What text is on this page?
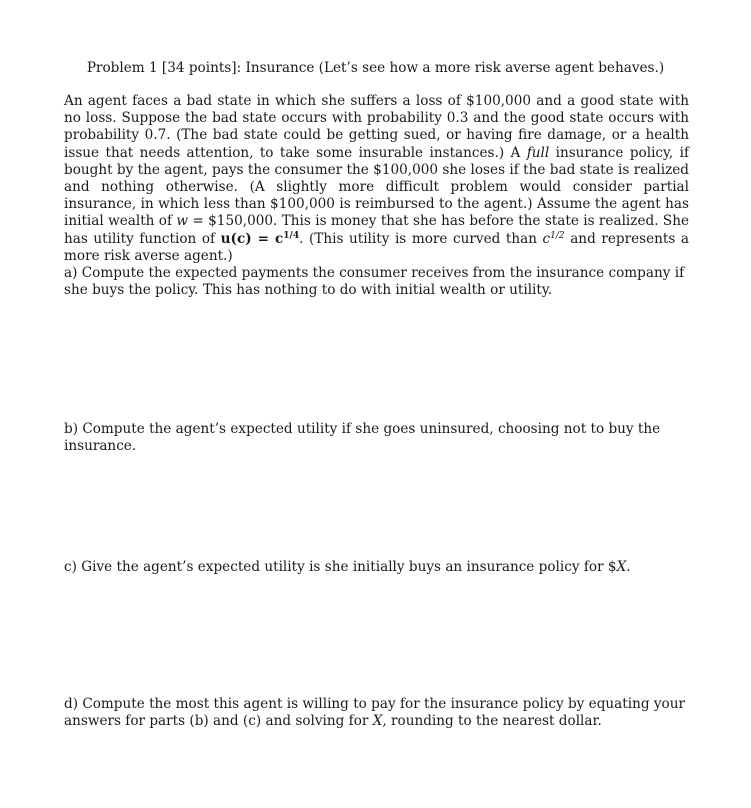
Problem 1 [34 points]: Insurance (Let’s see how a more risk averse agent behaves.)

An agent faces a bad state in which she suffers a loss of $100,000 and a good state with no loss. Suppose the bad state occurs with probability 0.3 and the good state occurs with probability 0.7. (The bad state could be getting sued, or having fire damage, or a health issue that needs attention, to take some insurable instances.) A full insurance policy, if bought by the agent, pays the consumer the $100,000 she loses if the bad state is realized and nothing otherwise. (A slightly more difficult problem would consider partial insurance, in which less than $100,000 is reimbursed to the agent.) Assume the agent has initial wealth of w = $150,000. This is money that she has before the state is realized. She has utility function of $u(c) = c^{1/4}$. (This utility is more curved than $c^{1/2}$ and represents a more risk averse agent.)

a) Compute the expected payments the consumer receives from the insurance company if she buys the policy. This has nothing to do with initial wealth or utility.

b) Compute the agent’s expected utility if she goes uninsured, choosing not to buy the insurance.

c) Give the agent’s expected utility is she initially buys an insurance policy for $X.

d) Compute the most this agent is willing to pay for the insurance policy by equating your answers for parts (b) and (c) and solving for X, rounding to the nearest dollar.
